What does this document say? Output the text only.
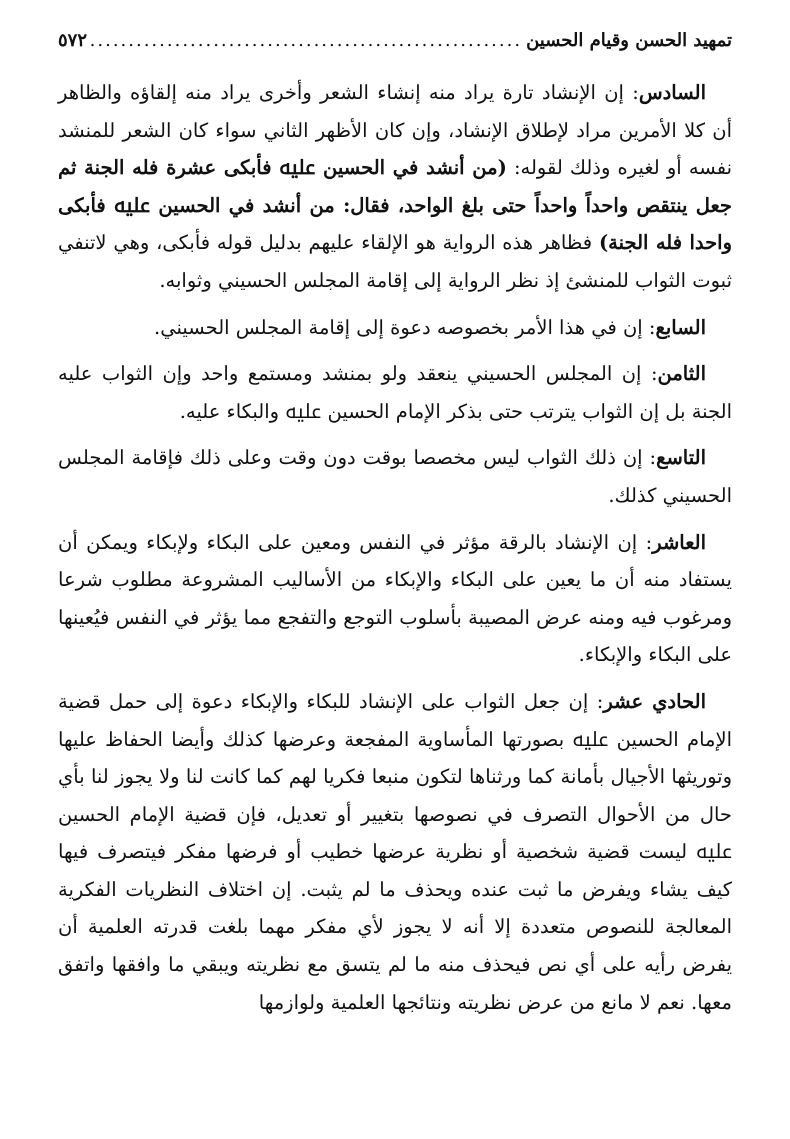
تمهيد الحسن وقيام الحسين
.....
٥٧٢

السادس: إن الإنشاد تارة يراد منه إنشاء الشعر وأخرى يراد منه إلقاؤه والظاهر أن كلا الأمرين مراد لإطلاق الإنشاد، وإن كان الأظهر الثاني سواء كان الشعر للمنشد نفسه أو لغيره وذلك لقوله: (من أنشد في الحسين ﷷ فأبكى عشرة فله الجنة ثم جعل ينتقص واحداً واحداً حتى بلغ الواحد، فقال: من أنشد في الحسين ﷷ فأبكى واحدا فله الجنة) فظاهر هذه الرواية هو الإلقاء عليهم بدليل قوله فأبكى، وهي لاتنفي ثبوت الثواب للمنشئ إذ نظر الرواية إلى إقامة المجلس الحسيني وثوابه.

السابع: إن في هذا الأمر بخصوصه دعوة إلى إقامة المجلس الحسيني.

الثامن: إن المجلس الحسيني ينعقد ولو بمنشد ومستمع واحد وإن الثواب عليه الجنة بل إن الثواب يترتب حتى بذكر الإمام الحسين ﷷ والبكاء عليه.

التاسع: إن ذلك الثواب ليس مخصصا بوقت دون وقت وعلى ذلك فإقامة المجلس الحسيني كذلك.

العاشر: إن الإنشاد بالرقة مؤثر في النفس ومعين على البكاء ولإبكاء ويمكن أن يستفاد منه أن ما يعين على البكاء والإبكاء من الأساليب المشروعة مطلوب شرعا ومرغوب فيه ومنه عرض المصيبة بأسلوب التوجع والتفجع مما يؤثر في النفس فيُعينها على البكاء والإبكاء.

الحادي عشر: إن جعل الثواب على الإنشاد للبكاء والإبكاء دعوة إلى حمل قضية الإمام الحسين ﷷ بصورتها المأساوية المفجعة وعرضها كذلك وأيضا الحفاظ عليها وتوريثها الأجيال بأمانة كما ورثناها لتكون منبعا فكريا لهم كما كانت لنا ولا يجوز لنا بأي حال من الأحوال التصرف في نصوصها بتغيير أو تعديل، فإن قضية الإمام الحسين ﷷ ليست قضية شخصية أو نظرية عرضها خطيب أو فرضها مفكر فيتصرف فيها كيف يشاء ويفرض ما ثبت عنده ويحذف ما لم يثبت. إن اختلاف النظريات الفكرية المعالجة للنصوص متعددة إلا أنه لا يجوز لأي مفكر مهما بلغت قدرته العلمية أن يفرض رأيه على أي نص فيحذف منه ما لم يتسق مع نظريته ويبقي ما وافقها واتفق معها. نعم لا مانع من عرض نظريته ونتائجها العلمية ولوازمها
